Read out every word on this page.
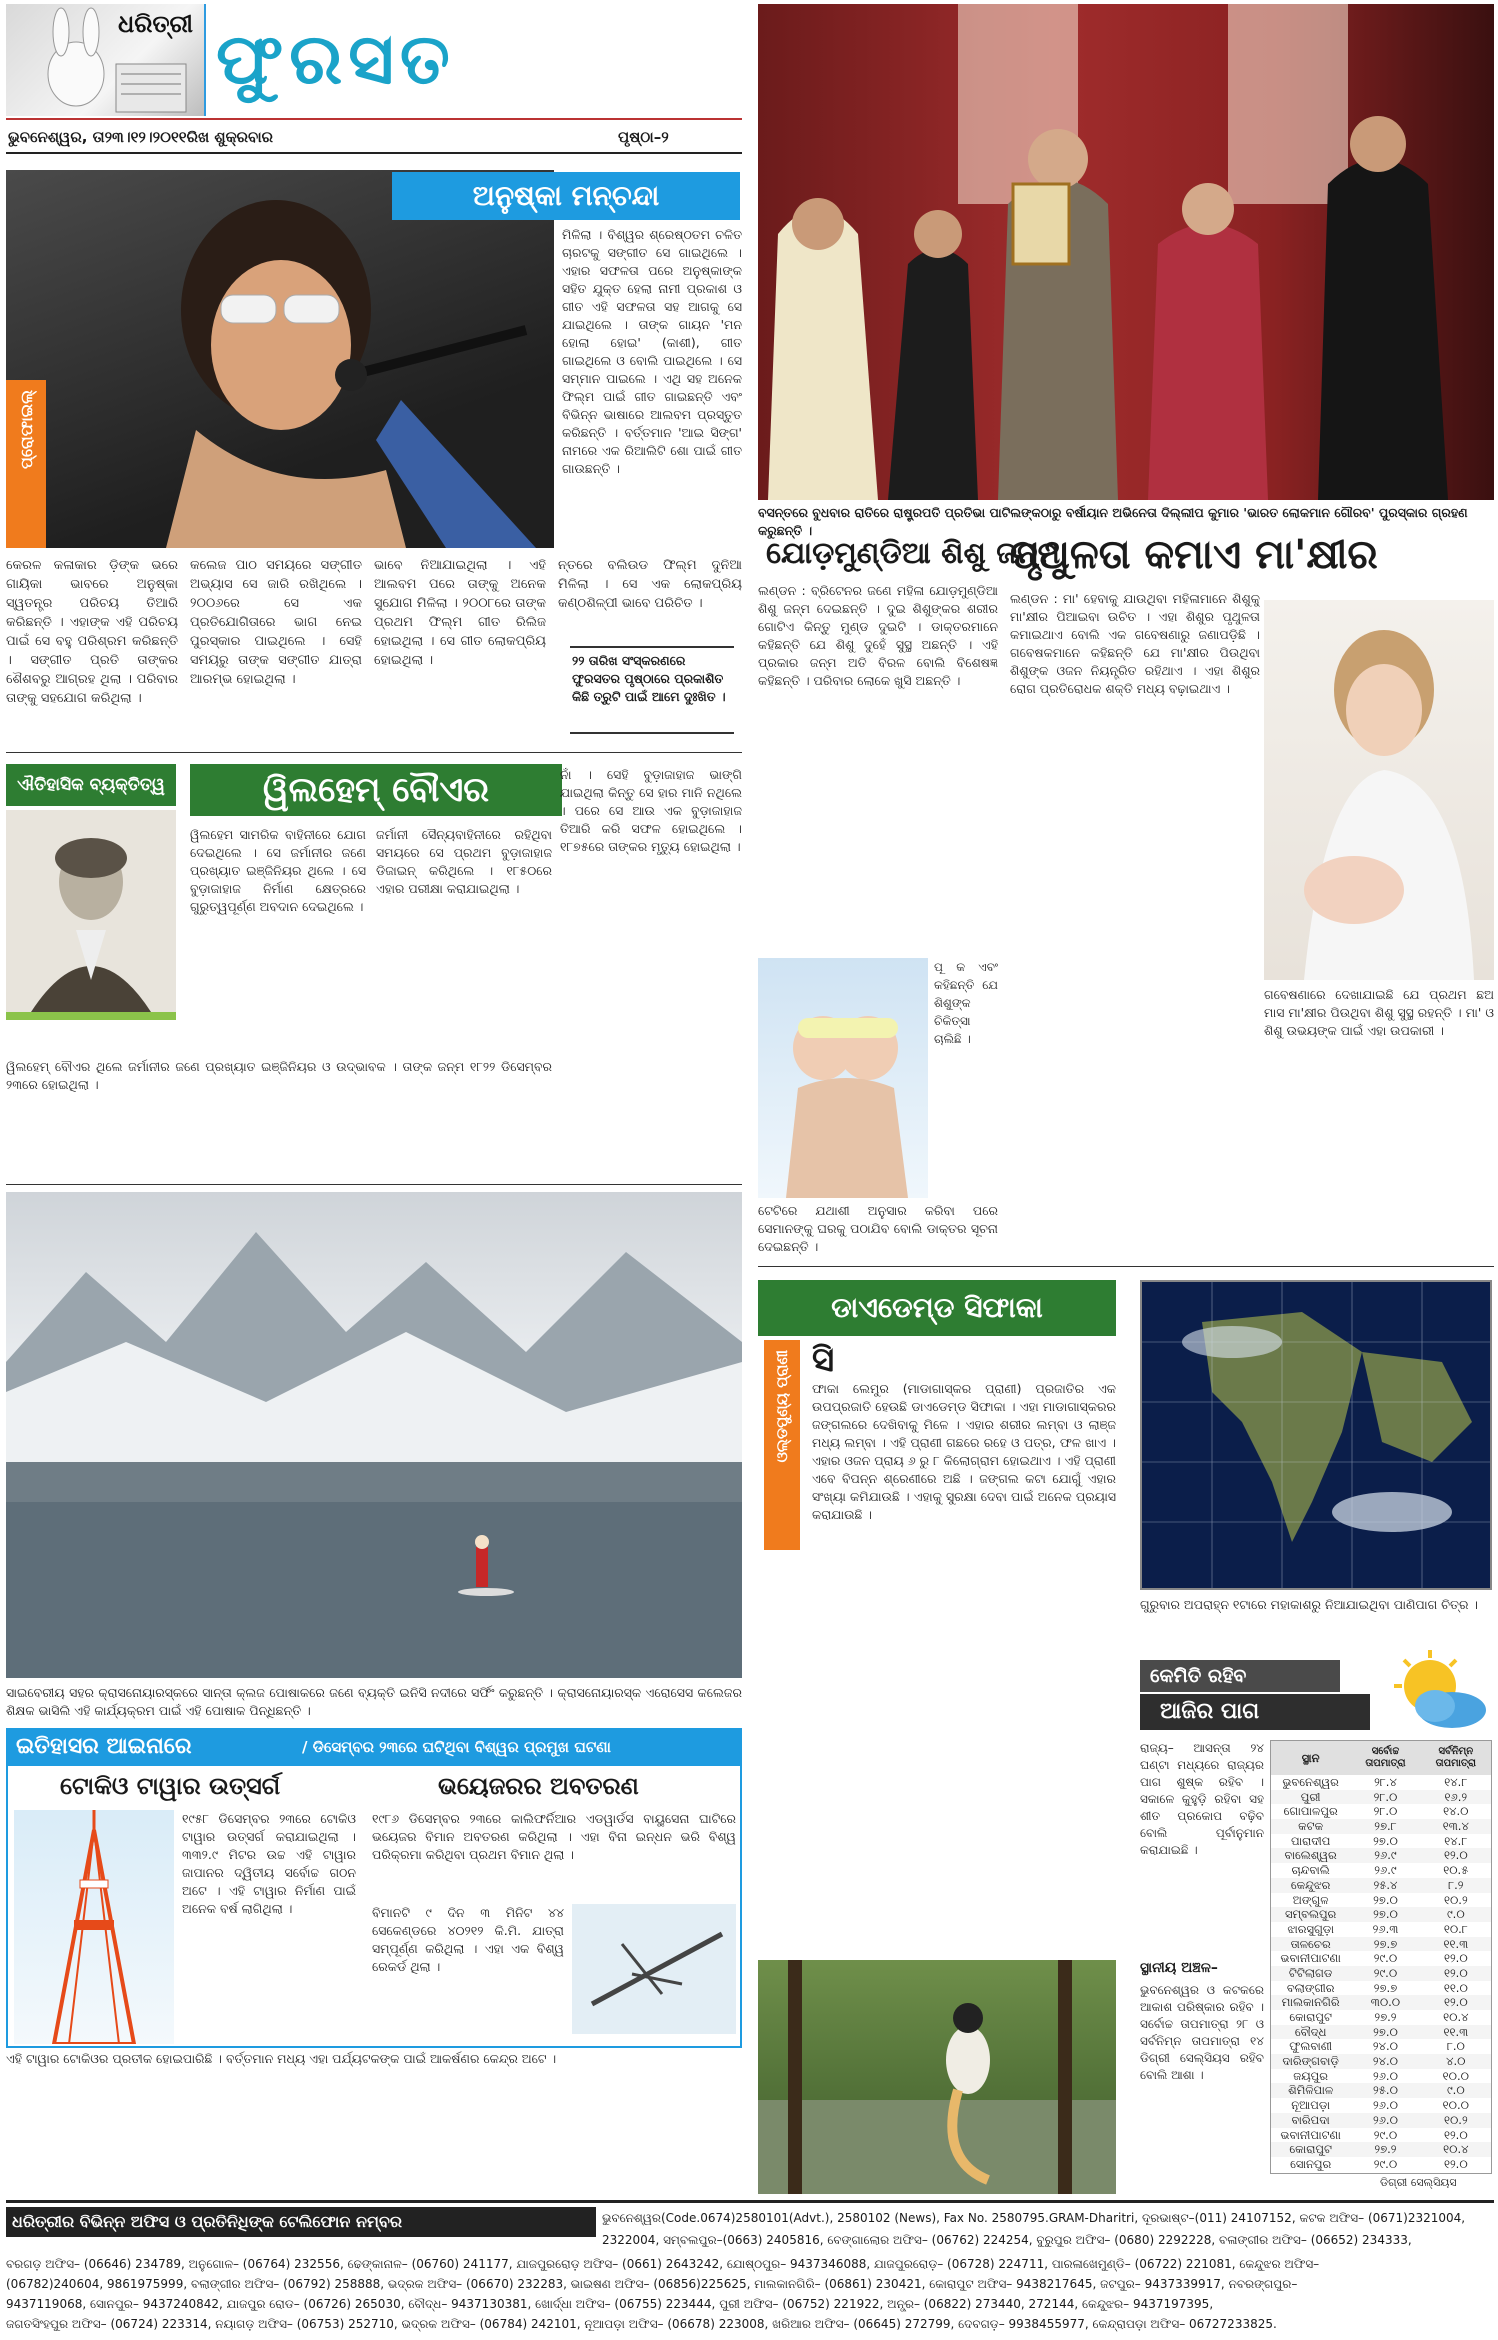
ଧରିତ୍ରୀ ଫୁରସତ
ଭୁବନେଶ୍ୱର, ତା୨୩।୧୨।୨୦୧୧ରିଖ ଶୁକ୍ରବାର	ପୃଷ୍ଠା–୨
ଅନୁଷ୍କା ମନ୍‌ଚନ୍ଦା
ପ୍ରୋଫାଇଲ୍
ମିଳିଲା । ବିଶ୍ୱର ଶ୍ରେଷ୍ଠତମ ଚଳିତ ଚାରଟକୁ ସଙ୍ଗୀତ ସେ ଗାଇଥିଲେ । ଏହାର ସଫଳତା ପରେ ଅନୁଷ୍କାଙ୍କ ସହିତ ଯୁକ୍ତ ହେଲା ନାମୀ ପ୍ରକାଶ ଓ ଗୀତ ଏହି ସଫଳତା ସହ ଆଗକୁ ସେ ଯାଇଥିଲେ । ତାଙ୍କ ଗାୟନ 'ମନ ହୋଲା ହୋଇ' (କାଶୀ), ଗୀତ ଗାଇଥିଲେ ଓ ବୋଲି ପାଇଥିଲେ । ସେ ସମ୍ମାନ ପାଇଲେ । ଏଥି ସହ ଅନେକ ଫିଲ୍ମ ପାଇଁ ଗୀତ ଗାଇଛନ୍ତି ଏବଂ ବିଭିନ୍ନ ଭାଷାରେ ଆଲବମ ପ୍ରସ୍ତୁତ କରିଛନ୍ତି । ବର୍ତ୍ତମାନ 'ଆଇ ସିଙ୍ଗ' ନାମରେ ଏକ ରିଆଲିଟି ଶୋ ପାଇଁ ଗୀତ ଗାଉଛନ୍ତି ।
କେରଳ କଳାକାର ଡ଼ିଙ୍କ ଭରେ ଗାୟିକା ଭାବରେ ଅନୁଷ୍କା ସ୍ୱତନ୍ତ୍ର ପରିଚୟ ତିଆରି କରିଛନ୍ତି । ଏହାଙ୍କ ଏହି ପରିଚୟ ପାଇଁ ସେ ବହୁ ପରିଶ୍ରମ କରିଛନ୍ତି । ସଙ୍ଗୀତ ପ୍ରତି ତାଙ୍କର ଶୈଶବରୁ ଆଗ୍ରହ ଥିଲା । ପରିବାର ତାଙ୍କୁ ସହଯୋଗ କରିଥିଲା ।
କଲେଜ ପାଠ ସମୟରେ ସଙ୍ଗୀତ ଅଭ୍ୟାସ ସେ ଜାରି ରଖିଥିଲେ । ୨୦୦୬ରେ ସେ ଏକ ପ୍ରତିଯୋଗିତାରେ ଭାଗ ନେଇ ପୁରସ୍କାର ପାଇଥିଲେ । ସେହି ସମୟରୁ ତାଙ୍କ ସଙ୍ଗୀତ ଯାତ୍ରା ଆରମ୍ଭ ହୋଇଥିଲା ।
ଭାବେ ନିଆଯାଇଥିଲା । ଏହି ଆଲବମ ପରେ ତାଙ୍କୁ ଅନେକ ସୁଯୋଗ ମିଳିଲା । ୨୦୦୮ରେ ତାଙ୍କ ପ୍ରଥମ ଫିଲ୍ମ ଗୀତ ରିଲିଜ ହୋଇଥିଲା । ସେ ଗୀତ ଲୋକପ୍ରିୟ ହୋଇଥିଲା ।
ନ୍ତରେ ବଲିଉଡ ଫିଲ୍ମ ଦୁନିଆ ମିଳିଲା । ସେ ଏକ ଲୋକପ୍ରିୟ କଣ୍ଠଶିଳ୍ପୀ ଭାବେ ପରିଚିତ ।
୨୨ ତାରିଖ ସଂସ୍କରଣରେ ଫୁରସତର ପୃଷ୍ଠାରେ ପ୍ରକାଶିତ କିଛି ତ୍ରୁଟି ପାଇଁ ଆମେ ଦୁଃଖିତ ।
ଐତିହାସିକ ବ୍ୟକ୍ତିତ୍ୱ	ୱିଲହେମ୍ ବୌଏର
ୱିଲହେମ ସାମରିକ ବାହିନୀରେ ଯୋଗ ଦେଇଥିଲେ । ସେ ଜର୍ମାନୀର ଜଣେ ପ୍ରଖ୍ୟାତ ଇଞ୍ଜିନିୟର ଥିଲେ । ସେ ବୁଡ଼ାଜାହାଜ ନିର୍ମାଣ କ୍ଷେତ୍ରରେ ଗୁରୁତ୍ୱପୂର୍ଣ୍ଣ ଅବଦାନ ଦେଇଥିଲେ ।
ଜର୍ମାନୀ ସୈନ୍ୟବାହିନୀରେ ରହିଥିବା ସମୟରେ ସେ ପ୍ରଥମ ବୁଡ଼ାଜାହାଜ ଡିଜାଇନ୍ କରିଥିଲେ । ୧୮୫୦ରେ ଏହାର ପରୀକ୍ଷା କରାଯାଇଥିଲା ।
ନାଁ । ସେହି ବୁଡ଼ାଜାହାଜ ଭାଙ୍ଗି ଯାଇଥିଲା କିନ୍ତୁ ସେ ହାର ମାନି ନଥିଲେ । ପରେ ସେ ଆଉ ଏକ ବୁଡ଼ାଜାହାଜ ତିଆରି କରି ସଫଳ ହୋଇଥିଲେ । ୧୮୭୫ରେ ତାଙ୍କର ମୃତ୍ୟୁ ହୋଇଥିଲା ।
ୱିଲହେମ୍ ବୌଏର ଥିଲେ ଜର୍ମାନୀର ଜଣେ ପ୍ରଖ୍ୟାତ ଇଞ୍ଜିନିୟର ଓ ଉଦ୍ଭାବକ । ତାଙ୍କ ଜନ୍ମ ୧୮୨୨ ଡିସେମ୍ବର ୨୩ରେ ହୋଇଥିଲା ।
ସାଇବେରୀୟ ସହର କ୍ରାସନୋୟାରସ୍କରେ ସାନ୍ତା କ୍ଲଜ ପୋଷାକରେ ଜଣେ ବ୍ୟକ୍ତି ଇନିସି ନଦୀରେ ସର୍ଫିଂ କରୁଛନ୍ତି । କ୍ରାସନୋୟାରସ୍କ ଏରୋସେସ କଲେଜର ଶିକ୍ଷକ ଭାସିଲି ଏହି କାର୍ଯ୍ୟକ୍ରମ ପାଇଁ ଏହି ପୋଷାକ ପିନ୍ଧିଛନ୍ତି ।
ଇତିହାସର ଆଇନାରେ	/ ଡିସେମ୍ବର ୨୩ରେ ଘଟିଥିବା ବିଶ୍ୱର ପ୍ରମୁଖ ଘଟଣା
ଟୋକିଓ ଟାୱାର ଉତ୍ସର୍ଗ	ଭୟେଜରର ଅବତରଣ
୧୯୫୮ ଡିସେମ୍ବର ୨୩ରେ ଟୋକିଓ ଟାୱାର ଉତ୍ସର୍ଗ କରାଯାଇଥିଲା । ୩୩୨.୯ ମିଟର ଉଚ୍ଚ ଏହି ଟାୱାର ଜାପାନର ଦ୍ୱିତୀୟ ସର୍ବୋଚ୍ଚ ଗଠନ ଅଟେ । ଏହି ଟାୱାର ନିର୍ମାଣ ପାଇଁ ଅନେକ ବର୍ଷ ଲାଗିଥିଲା ।
୧୯୮୬ ଡିସେମ୍ବର ୨୩ରେ କାଲିଫର୍ନିଆର ଏଡୱାର୍ଡସ ବାୟୁସେନା ଘାଟିରେ ଭୟେଜର ବିମାନ ଅବତରଣ କରିଥିଲା । ଏହା ବିନା ଇନ୍ଧନ ଭରି ବିଶ୍ୱ ପରିକ୍ରମା କରିଥିବା ପ୍ରଥମ ବିମାନ ଥିଲା ।
ବିମାନଟି ୯ ଦିନ ୩ ମିନିଟ ୪୪ ସେକେଣ୍ଡରେ ୪୦୨୧୨ କି.ମି. ଯାତ୍ରା ସମ୍ପୂର୍ଣ୍ଣ କରିଥିଲା । ଏହା ଏକ ବିଶ୍ୱ ରେକର୍ଡ ଥିଲା ।
ଏହି ଟାୱାର ଟୋକିଓର ପ୍ରତୀକ ହୋଇପାରିଛି । ବର୍ତ୍ତମାନ ମଧ୍ୟ ଏହା ପର୍ଯ୍ୟଟକଙ୍କ ପାଇଁ ଆକର୍ଷଣର କେନ୍ଦ୍ର ଅଟେ ।
ବସନ୍ତରେ ବୁଧବାର ରାତିରେ ରାଷ୍ଟ୍ରପତି ପ୍ରତିଭା ପାଟିଲଙ୍କଠାରୁ ବର୍ଷୀୟାନ ଅଭିନେତା ଦିଲ୍ଲୀପ କୁମାର 'ଭାରତ ଲୋକମାନ ଗୌରବ' ପୁରସ୍କାର ଗ୍ରହଣ କରୁଛନ୍ତି ।
ଯୋଡ଼ମୁଣ୍ଡିଆ ଶିଶୁ ଜନ୍ମ
ଲଣ୍ଡନ : ବ୍ରିଟେନର ଜଣେ ମହିଳା ଯୋଡ଼ମୁଣ୍ଡିଆ ଶିଶୁ ଜନ୍ମ ଦେଇଛନ୍ତି । ଦୁଇ ଶିଶୁଙ୍କର ଶରୀର ଗୋଟିଏ କିନ୍ତୁ ମୁଣ୍ଡ ଦୁଇଟି । ଡାକ୍ତରମାନେ କହିଛନ୍ତି ଯେ ଶିଶୁ ଦୁହେଁ ସୁସ୍ଥ ଅଛନ୍ତି । ଏହି ପ୍ରକାର ଜନ୍ମ ଅତି ବିରଳ ବୋଲି ବିଶେଷଜ୍ଞ କହିଛନ୍ତି । ପରିବାର ଲୋକେ ଖୁସି ଅଛନ୍ତି ।
ପୂ କ ଏବଂ କହିଛନ୍ତି ଯେ ଶିଶୁଙ୍କ ଚିକିତ୍ସା ଚାଲିଛି ।
ଟେଟିରେ ଯଥାଶୀ ଅନୁସାର କରିବା ପରେ ସେମାନଙ୍କୁ ଘରକୁ ପଠାଯିବ ବୋଲି ଡାକ୍ତର ସୂଚନା ଦେଇଛନ୍ତି ।
ପୃଥୁଳତା କମାଏ ମା'କ୍ଷୀର
ଲଣ୍ଡନ : ମା' ହେବାକୁ ଯାଉଥିବା ମହିଳାମାନେ ଶିଶୁକୁ ମା'କ୍ଷୀର ପିଆଇବା ଉଚିତ । ଏହା ଶିଶୁର ପୃଥୁଳତା କମାଇଥାଏ ବୋଲି ଏକ ଗବେଷଣାରୁ ଜଣାପଡ଼ିଛି । ଗବେଷକମାନେ କହିଛନ୍ତି ଯେ ମା'କ୍ଷୀର ପିଉଥିବା ଶିଶୁଙ୍କ ଓଜନ ନିୟନ୍ତ୍ରିତ ରହିଥାଏ । ଏହା ଶିଶୁର ରୋଗ ପ୍ରତିରୋଧକ ଶକ୍ତି ମଧ୍ୟ ବଢ଼ାଇଥାଏ ।
ଗବେଷଣାରେ ଦେଖାଯାଇଛି ଯେ ପ୍ରଥମ ଛଅ ମାସ ମା'କ୍ଷୀର ପିଉଥିବା ଶିଶୁ ସୁସ୍ଥ ରହନ୍ତି । ମା' ଓ ଶିଶୁ ଉଭୟଙ୍କ ପାଇଁ ଏହା ଉପକାରୀ ।
ଡାଏଡେମ୍‌ଡ ସିଫାକା
ଓଲ୍ଡପୁଣ୍ୟ ପ୍ରାଣୀ ସି
ଫାକା ଲେମୁର (ମାଡାଗାସ୍କର ପ୍ରାଣୀ) ପ୍ରଜାତିର ଏକ ଉପପ୍ରଜାତି ହେଉଛି ଡାଏଡେମ୍‌ଡ ସିଫାକା । ଏହା ମାଡାଗାସ୍କରର ଜଙ୍ଗଲରେ ଦେଖିବାକୁ ମିଳେ । ଏହାର ଶରୀର ଲମ୍ବା ଓ ଲାଞ୍ଜ ମଧ୍ୟ ଲମ୍ବା । ଏହି ପ୍ରାଣୀ ଗଛରେ ରହେ ଓ ପତ୍ର, ଫଳ ଖାଏ । ଏହାର ଓଜନ ପ୍ରାୟ ୬ ରୁ ୮ କିଲୋଗ୍ରାମ ହୋଇଥାଏ । ଏହି ପ୍ରାଣୀ ଏବେ ବିପନ୍ନ ଶ୍ରେଣୀରେ ଅଛି । ଜଙ୍ଗଲ କଟା ଯୋଗୁଁ ଏହାର ସଂଖ୍ୟା କମିଯାଉଛି । ଏହାକୁ ସୁରକ୍ଷା ଦେବା ପାଇଁ ଅନେକ ପ୍ରୟାସ କରାଯାଉଛି ।
ଗୁରୁବାର ଅପରାହ୍ନ ୧ଟାରେ ମହାକାଶରୁ ନିଆଯାଇଥିବା ପାଣିପାଗ ଚିତ୍ର ।
କେମିତି ରହିବ
ଆଜିର ପାଗ
ରାଜ୍ୟ– ଆସନ୍ତା ୨୪ ଘଣ୍ଟା ମଧ୍ୟରେ ରାଜ୍ୟର ପାଗ ଶୁଷ୍କ ରହିବ । ସକାଳେ କୁହୁଡ଼ି ରହିବା ସହ ଶୀତ ପ୍ରକୋପ ବଢ଼ିବ ବୋଲି ପୂର୍ବାନୁମାନ କରାଯାଇଛି ।
ସ୍ଥାନୀୟ ଅଞ୍ଚଳ–
ଭୁବନେଶ୍ୱର ଓ କଟକରେ ଆକାଶ ପରିଷ୍କାର ରହିବ । ସର୍ବୋଚ୍ଚ ତାପମାତ୍ରା ୨୮ ଓ ସର୍ବନିମ୍ନ ତାପମାତ୍ରା ୧୪ ଡିଗ୍ରୀ ସେଲ୍‌ସିୟସ ରହିବ ବୋଲି ଆଶା ।
ସ୍ଥାନ	ସର୍ବୋଚ୍ଚ ତାପମାତ୍ରା
ସର୍ବନିମ୍ନ ତାପମାତ୍ରା
ଭୁବନେଶ୍ୱର	୨୮.୪	୧୪.୮
ପୁରୀ	୨୮.୦	୧୬.୨
ଗୋପାଳପୁର	୨୮.୦	୧୪.୦
କଟକ	୨୭.୮	୧୩.୪
ପାରାଦୀପ	୨୭.୦	୧୪.୮
ବାଲେଶ୍ୱର	୨୬.୯	୧୨.୦
ଚାନ୍ଦବାଲି	୨୬.୯	୧୦.୫
କେନ୍ଦୁଝର	୨୫.୪	୮.୨
ଅଙ୍ଗୁଳ	୨୭.୦	୧୦.୨
ସମ୍ବଲପୁର	୨୭.୦	୯.୦
ଝାରସୁଗୁଡ଼ା	୨୬.୩	୧୦.୮
ତାଳଚେର	୨୭.୭	୧୧.୩
ଭବାନୀପାଟଣା	୨୯.୦	୧୨.୦
ଟିଟିଲାଗଡ	୨୯.୦	୧୨.୦
ବଲାଙ୍ଗୀର	୨୭.୭	୧୧.୦
ମାଲକାନଗିରି	୩୦.୦	୧୨.୦
କୋରାପୁଟ	୨୭.୨	୧୦.୪
ବୌଦ୍ଧ	୨୭.୦	୧୧.୩
ଫୁଲବାଣୀ	୨୪.୦	୮.୦
ଦାରିଙ୍ଗବାଡ଼ି	୨୪.୦	୪.୦
ଜୟପୁର	୨୬.୦	୧୦.୦
ଶିମିଳିପାଳ	୨୫.୦	୯.୦
ନୂଆପଡ଼ା	୨୬.୦	୧୦.୦
ବାରିପଦା	୨୬.୦	୧୦.୨
ଭବାନୀପାଟଣା	୨୯.୦	୧୨.୦
କୋରାପୁଟ	୨୭.୨	୧୦.୪
ସୋନପୁର	୨୯.୦	୧୨.୦
ଡିଗ୍ରୀ ସେଲ୍‌ସିୟସ
ଧରିତ୍ରୀର ବିଭିନ୍ନ ଅଫିସ ଓ ପ୍ରତିନିଧିଙ୍କ ଟେଲିଫୋନ ନମ୍ବର	ଭୁବନେଶ୍ୱର(Code.0674)2580101(Advt.), 2580102 (News), Fax No. 2580795.GRAM-Dharitri, ଦୂରଭାଷ୍ଟ–(011) 24107152, କଟକ ଅଫିସ– (0671)2321004,
2322004, ସମ୍ବଲପୁର–(0663) 2405816, ବେଙ୍ଗାଲୋର ଅଫିସ– (06762) 224254, ବୁରୁପୁର ଅଫିସ– (0680) 2292228, ବଳାଙ୍ଗୀର ଅଫିସ– (06652) 234333,
ବରଗଡ଼ ଅଫିସ– (06646) 234789, ଅନୁଗୋଳ– (06764) 232556, ଢେଙ୍କାନାଳ– (06760) 241177, ଯାଜପୁରରୋଡ଼ ଅଫିସ– (0661) 2643242, ଯୋଷ୍ଠପୁର– 9437346088, ଯାଜପୁରରୋଡ଼– (06728) 224711, ପାରଳାଖେମୁଣ୍ଡି– (06722) 221081, କେନ୍ଦୁଝର ଅଫିସ–
(06782)240604, 9861975999, ବଲାଙ୍ଗୀର ଅଫିସ– (06792) 258888, ଭଦ୍ରକ ଅଫିସ– (06670) 232283, ଭାଇଷଣ ଅଫିସ– (06856)225625, ମାଲକାନଗିରି– (06861) 230421, କୋରାପୁଟ ଅଫିସ– 9438217645, ଜଟପୁର– 9437339917, ନବରଙ୍ଗପୁର–
9437119068, ସୋନପୁର– 9437240842, ଯାଜପୁର ରୋଡ– (06726) 265030, ବୌଦ୍ଧ– 9437130381, ଖୋର୍ଦ୍ଧା ଅଫିସ– (06755) 223444, ପୁରୀ ଅଫିସ– (06752) 221922, ଅନ୍ଧ୍ର– (06822) 273440, 272144, କେନ୍ଦୁଝର– 9437197395,
ଜଗତସିଂହପୁର ଅଫିସ– (06724) 223314, ନୟାଗଡ଼ ଅଫିସ– (06753) 252710, ଭଦ୍ରକ ଅଫିସ– (06784) 242101, ନୂଆପଡ଼ା ଅଫିସ– (06678) 223008, ଖରିଆର ଅଫିସ– (06645) 272799, ଦେବଗଡ଼– 9938455977, କେନ୍ଦ୍ରାପଡ଼ା ଅଫିସ– 06727233825.
